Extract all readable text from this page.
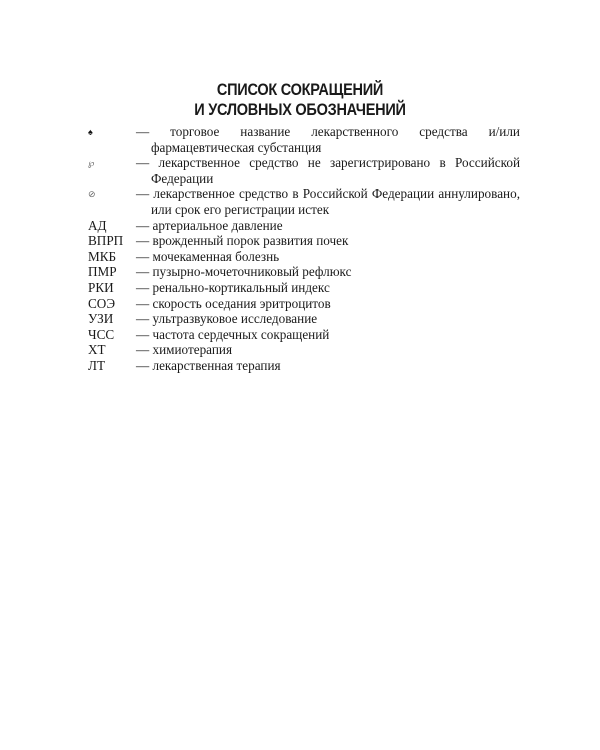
СПИСОК СОКРАЩЕНИЙ
И УСЛОВНЫХ ОБОЗНАЧЕНИЙ
♠	— торговое название лекарственного средства и/или фармацевтическая субстанция
℘	— лекарственное средство не зарегистрировано в Российской Федерации
⊘	— лекарственное средство в Российской Федерации аннулировано, или срок его регистрации истек
АД	— артериальное давление
ВПРП — врожденный порок развития почек
МКБ	— мочекаменная болезнь
ПМР	— пузырно-мочеточниковый рефлюкс
РКИ	— ренально-кортикальный индекс
СОЭ	— скорость оседания эритроцитов
УЗИ	— ультразвуковое исследование
ЧСС	— частота сердечных сокращений
ХТ	— химиотерапия
ЛТ	— лекарственная терапия
